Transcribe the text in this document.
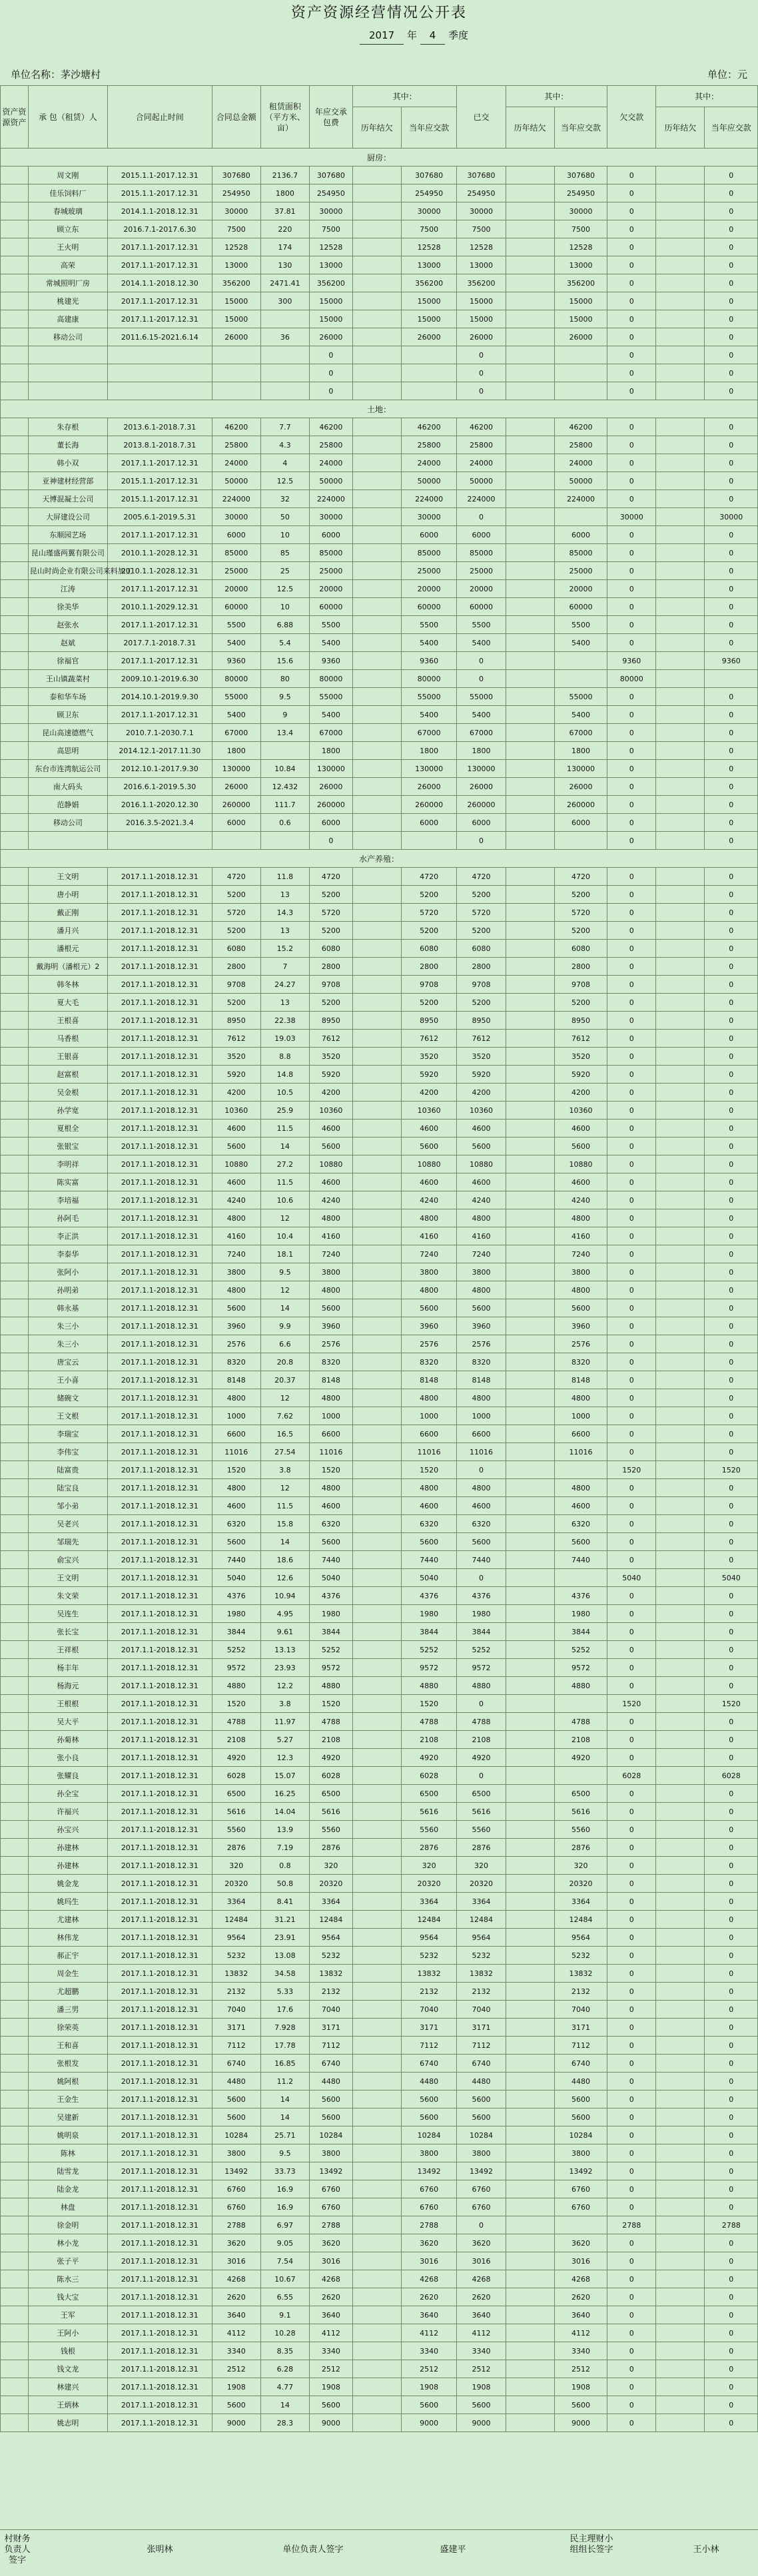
资产资源经营情况公开表
2017 年 4 季度
单位名称：茅沙塘村	单位：元
资产资源资产	承 包（租赁）人	合同起止时间	合同总金额	租赁面积（平方米、亩）	年应交承包费	其中：		已交	其中：		欠交款	其中：	
						历年结欠	当年应交款		历年结欠	当年应交款		历年结欠	当年应交款
厨房：													
	周文刚	2015.1.1-2017.12.31	307680	2136.7	307680		307680	307680		307680	0		0
	佳乐饲料厂	2015.1.1-2017.12.31	254950	1800	254950		254950	254950		254950	0		0
	春城玻璃	2014.1.1-2018.12.31	30000	37.81	30000		30000	30000		30000	0		0
	顾立东	2016.7.1-2017.6.30	7500	220	7500		7500	7500		7500	0		0
	王火明	2017.1.1-2017.12.31	12528	174	12528		12528	12528		12528	0		0
	高荣	2017.1.1-2017.12.31	13000	130	13000		13000	13000		13000	0		0
	常城照明厂房	2014.1.1-2018.12.30	356200	2471.41	356200		356200	356200		356200	0		0
	桃建光	2017.1.1-2017.12.31	15000	300	15000		15000	15000		15000	0		0
	高建康	2017.1.1-2017.12.31	15000		15000		15000	15000		15000	0		0
	移动公司	2011.6.15-2021.6.14	26000	36	26000		26000	26000		26000	0		0
					0			0			0		0
					0			0			0		0
					0			0			0		0
土地：													
	朱存根	2013.6.1-2018.7.31	46200	7.7	46200		46200	46200		46200	0		0
	董长海	2013.8.1-2018.7.31	25800	4.3	25800		25800	25800		25800	0		0
	韩小双	2017.1.1-2017.12.31	24000	4	24000		24000	24000		24000	0		0
	亚神建材经营部	2015.1.1-2017.12.31	50000	12.5	50000		50000	50000		50000	0		0
	天博混凝土公司	2015.1.1-2017.12.31	224000	32	224000		224000	224000		224000	0		0
	大屏建设公司	2005.6.1-2019.5.31	30000	50	30000		30000	0			30000		30000
	东顺园艺场	2017.1.1-2017.12.31	6000	10	6000		6000	6000		6000	0		0
	昆山瑾盛两翼有限公司	2010.1.1-2028.12.31	85000	85	85000		85000	85000		85000	0		0
	昆山时尚企业有限公司来料加工	2010.1.1-2028.12.31	25000	25	25000		25000	25000		25000	0		0
	江涛	2017.1.1-2017.12.31	20000	12.5	20000		20000	20000		20000	0		0
	徐美华	2010.1.1-2029.12.31	60000	10	60000		60000	60000		60000	0		0
	赵张水	2017.1.1-2017.12.31	5500	6.88	5500		5500	5500		5500	0		0
	赵斌	2017.7.1-2018.7.31	5400	5.4	5400		5400	5400		5400	0		0
	徐福官	2017.1.1-2017.12.31	9360	15.6	9360		9360	0			9360		9360
	王山镇蔬菜村	2009.10.1-2019.6.30	80000	80	80000		80000	0			80000		
	泰和华车场	2014.10.1-2019.9.30	55000	9.5	55000		55000	55000		55000	0		0
	顾卫东	2017.1.1-2017.12.31	5400	9	5400		5400	5400		5400	0		0
	昆山高速德燃气	2010.7.1-2030.7.1	67000	13.4	67000		67000	67000		67000	0		0
	高思明	2014.12.1-2017.11.30	1800		1800		1800	1800		1800	0		0
	东台市连湾航运公司	2012.10.1-2017.9.30	130000	10.84	130000		130000	130000		130000	0		0
	南大码头	2016.6.1-2019.5.30	26000	12.432	26000		26000	26000		26000	0		0
	范静娟	2016.1.1-2020.12.30	260000	111.7	260000		260000	260000		260000	0		0
	移动公司	2016.3.5-2021.3.4	6000	0.6	6000		6000	6000		6000	0		0
					0			0			0		0
水产养殖：													
	王文明	2017.1.1-2018.12.31	4720	11.8	4720		4720	4720		4720	0		0
	唐小明	2017.1.1-2018.12.31	5200	13	5200		5200	5200		5200	0		0
	戴正刚	2017.1.1-2018.12.31	5720	14.3	5720		5720	5720		5720	0		0
	潘月兴	2017.1.1-2018.12.31	5200	13	5200		5200	5200		5200	0		0
	潘根元	2017.1.1-2018.12.31	6080	15.2	6080		6080	6080		6080	0		0
	戴海明（潘根元）2	2017.1.1-2018.12.31	2800	7	2800		2800	2800		2800	0		0
	韩冬林	2017.1.1-2018.12.31	9708	24.27	9708		9708	9708		9708	0		0
	夏大毛	2017.1.1-2018.12.31	5200	13	5200		5200	5200		5200	0		0
	王根喜	2017.1.1-2018.12.31	8950	22.38	8950		8950	8950		8950	0		0
	马香根	2017.1.1-2018.12.31	7612	19.03	7612		7612	7612		7612	0		0
	王银喜	2017.1.1-2018.12.31	3520	8.8	3520		3520	3520		3520	0		0
	赵富根	2017.1.1-2018.12.31	5920	14.8	5920		5920	5920		5920	0		0
	吴金根	2017.1.1-2018.12.31	4200	10.5	4200		4200	4200		4200	0		0
	孙学宽	2017.1.1-2018.12.31	10360	25.9	10360		10360	10360		10360	0		0
	夏根全	2017.1.1-2018.12.31	4600	11.5	4600		4600	4600		4600	0		0
	张银宝	2017.1.1-2018.12.31	5600	14	5600		5600	5600		5600	0		0
	李明祥	2017.1.1-2018.12.31	10880	27.2	10880		10880	10880		10880	0		0
	陈实富	2017.1.1-2018.12.31	4600	11.5	4600		4600	4600		4600	0		0
	李培福	2017.1.1-2018.12.31	4240	10.6	4240		4240	4240		4240	0		0
	孙阿毛	2017.1.1-2018.12.31	4800	12	4800		4800	4800		4800	0		0
	李正洪	2017.1.1-2018.12.31	4160	10.4	4160		4160	4160		4160	0		0
	李泰华	2017.1.1-2018.12.31	7240	18.1	7240		7240	7240		7240	0		0
	张阿小	2017.1.1-2018.12.31	3800	9.5	3800		3800	3800		3800	0		0
	孙明弟	2017.1.1-2018.12.31	4800	12	4800		4800	4800		4800	0		0
	韩永基	2017.1.1-2018.12.31	5600	14	5600		5600	5600		5600	0		0
	朱三小	2017.1.1-2018.12.31	3960	9.9	3960		3960	3960		3960	0		0
	朱三小	2017.1.1-2018.12.31	2576	6.6	2576		2576	2576		2576	0		0
	唐宝云	2017.1.1-2018.12.31	8320	20.8	8320		8320	8320		8320	0		0
	王小喜	2017.1.1-2018.12.31	8148	20.37	8148		8148	8148		8148	0		0
	储碗文	2017.1.1-2018.12.31	4800	12	4800		4800	4800		4800	0		0
	王文根	2017.1.1-2018.12.31	1000	7.62	1000		1000	1000		1000	0		0
	李瑞宝	2017.1.1-2018.12.31	6600	16.5	6600		6600	6600		6600	0		0
	李伟宝	2017.1.1-2018.12.31	11016	27.54	11016		11016	11016		11016	0		0
	陆富贵	2017.1.1-2018.12.31	1520	3.8	1520		1520	0			1520		1520
	陆宝良	2017.1.1-2018.12.31	4800	12	4800		4800	4800		4800	0		0
	邹小弟	2017.1.1-2018.12.31	4600	11.5	4600		4600	4600		4600	0		0
	吴老兴	2017.1.1-2018.12.31	6320	15.8	6320		6320	6320		6320	0		0
	邹瑞先	2017.1.1-2018.12.31	5600	14	5600		5600	5600		5600	0		0
	俞宝兴	2017.1.1-2018.12.31	7440	18.6	7440		7440	7440		7440	0		0
	王文明	2017.1.1-2018.12.31	5040	12.6	5040		5040	0			5040		5040
	朱文荣	2017.1.1-2018.12.31	4376	10.94	4376		4376	4376		4376	0		0
	吴连生	2017.1.1-2018.12.31	1980	4.95	1980		1980	1980		1980	0		0
	张长宝	2017.1.1-2018.12.31	3844	9.61	3844		3844	3844		3844	0		0
	王祥根	2017.1.1-2018.12.31	5252	13.13	5252		5252	5252		5252	0		0
	杨丰年	2017.1.1-2018.12.31	9572	23.93	9572		9572	9572		9572	0		0
	杨海元	2017.1.1-2018.12.31	4880	12.2	4880		4880	4880		4880	0		0
	王根根	2017.1.1-2018.12.31	1520	3.8	1520		1520	0			1520		1520
	吴大平	2017.1.1-2018.12.31	4788	11.97	4788		4788	4788		4788	0		0
	孙菊林	2017.1.1-2018.12.31	2108	5.27	2108		2108	2108		2108	0		0
	张小良	2017.1.1-2018.12.31	4920	12.3	4920		4920	4920		4920	0		0
	张耀良	2017.1.1-2018.12.31	6028	15.07	6028		6028	0			6028		6028
	孙全宝	2017.1.1-2018.12.31	6500	16.25	6500		6500	6500		6500	0		0
	许福兴	2017.1.1-2018.12.31	5616	14.04	5616		5616	5616		5616	0		0
	孙宝兴	2017.1.1-2018.12.31	5560	13.9	5560		5560	5560		5560	0		0
	孙建林	2017.1.1-2018.12.31	2876	7.19	2876		2876	2876		2876	0		0
	孙建林	2017.1.1-2018.12.31	320	0.8	320		320	320		320	0		0
	姚金龙	2017.1.1-2018.12.31	20320	50.8	20320		20320	20320		20320	0		0
	姚玛生	2017.1.1-2018.12.31	3364	8.41	3364		3364	3364		3364	0		0
	尤建林	2017.1.1-2018.12.31	12484	31.21	12484		12484	12484		12484	0		0
	林伟龙	2017.1.1-2018.12.31	9564	23.91	9564		9564	9564		9564	0		0
	郝正宇	2017.1.1-2018.12.31	5232	13.08	5232		5232	5232		5232	0		0
	周金生	2017.1.1-2018.12.31	13832	34.58	13832		13832	13832		13832	0		0
	尤超鹏	2017.1.1-2018.12.31	2132	5.33	2132		2132	2132		2132	0		0
	潘三男	2017.1.1-2018.12.31	7040	17.6	7040		7040	7040		7040	0		0
	徐荣英	2017.1.1-2018.12.31	3171	7.928	3171		3171	3171		3171	0		0
	王和喜	2017.1.1-2018.12.31	7112	17.78	7112		7112	7112		7112	0		0
	张根发	2017.1.1-2018.12.31	6740	16.85	6740		6740	6740		6740	0		0
	姚阿根	2017.1.1-2018.12.31	4480	11.2	4480		4480	4480		4480	0		0
	王金生	2017.1.1-2018.12.31	5600	14	5600		5600	5600		5600	0		0
	吴建新	2017.1.1-2018.12.31	5600	14	5600		5600	5600		5600	0		0
	姚明泉	2017.1.1-2018.12.31	10284	25.71	10284		10284	10284		10284	0		0
	陈林	2017.1.1-2018.12.31	3800	9.5	3800		3800	3800		3800	0		0
	陆雪龙	2017.1.1-2018.12.31	13492	33.73	13492		13492	13492		13492	0		0
	陆金龙	2017.1.1-2018.12.31	6760	16.9	6760		6760	6760		6760	0		0
	林盘	2017.1.1-2018.12.31	6760	16.9	6760		6760	6760		6760	0		0
	徐金明	2017.1.1-2018.12.31	2788	6.97	2788		2788	0			2788		2788
	林小龙	2017.1.1-2018.12.31	3620	9.05	3620		3620	3620		3620	0		0
	张子平	2017.1.1-2018.12.31	3016	7.54	3016		3016	3016		3016	0		0
	陈水三	2017.1.1-2018.12.31	4268	10.67	4268		4268	4268		4268	0		0
	钱大宝	2017.1.1-2018.12.31	2620	6.55	2620		2620	2620		2620	0		0
	王军	2017.1.1-2018.12.31	3640	9.1	3640		3640	3640		3640	0		0
	王阿小	2017.1.1-2018.12.31	4112	10.28	4112		4112	4112		4112	0		0
	钱根	2017.1.1-2018.12.31	3340	8.35	3340		3340	3340		3340	0		0
	钱文龙	2017.1.1-2018.12.31	2512	6.28	2512		2512	2512		2512	0		0
	林建兴	2017.1.1-2018.12.31	1908	4.77	1908		1908	1908		1908	0		0
	王炳林	2017.1.1-2018.12.31	5600	14	5600		5600	5600		5600	0		0
	姚志明	2017.1.1-2018.12.31	9000	28.3	9000		9000	9000		9000	0		0
村财务负责人签字
张明林	单位负责人签字	盛建平
民主理财小组组长签字	王小林
